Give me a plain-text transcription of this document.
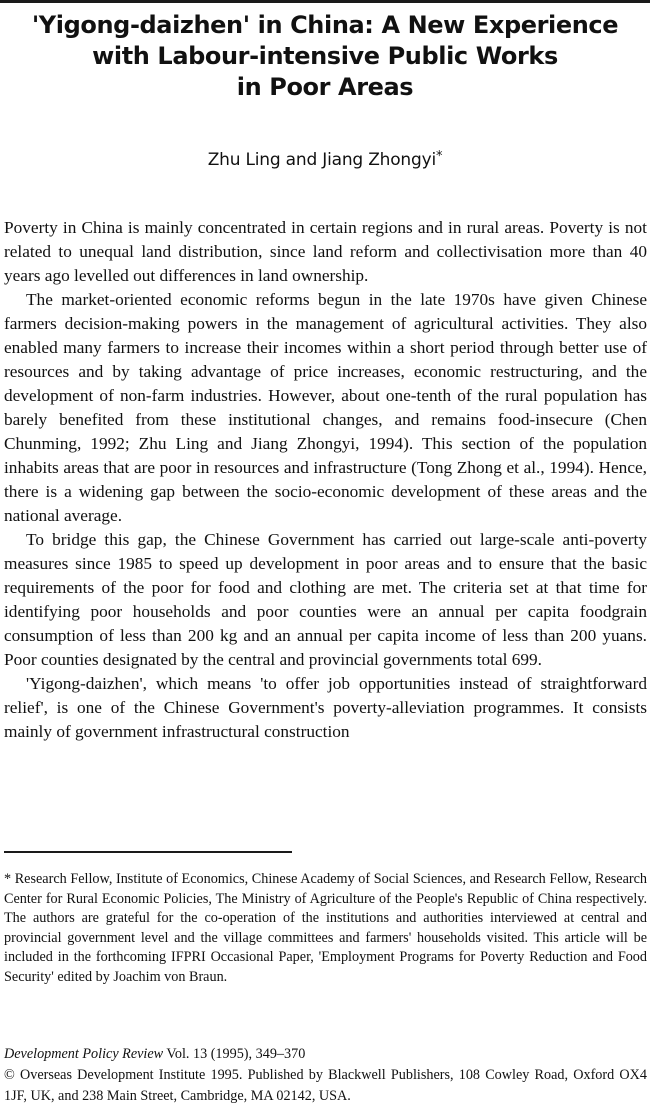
'Yigong-daizhen' in China: A New Experience
with Labour-intensive Public Works
in Poor Areas
Zhu Ling and Jiang Zhongyi*

Poverty in China is mainly concentrated in certain regions and in rural areas. Poverty is not related to unequal land distribution, since land reform and collectivisation more than 40 years ago levelled out differences in land ownership.

The market-oriented economic reforms begun in the late 1970s have given Chinese farmers decision-making powers in the management of agricultural activities. They also enabled many farmers to increase their incomes within a short period through better use of resources and by taking advantage of price increases, economic restructuring, and the development of non-farm industries. However, about one-tenth of the rural population has barely benefited from these institutional changes, and remains food-insecure (Chen Chunming, 1992; Zhu Ling and Jiang Zhongyi, 1994). This section of the population inhabits areas that are poor in resources and infrastructure (Tong Zhong et al., 1994). Hence, there is a widening gap between the socio-economic development of these areas and the national average.

To bridge this gap, the Chinese Government has carried out large-scale anti-poverty measures since 1985 to speed up development in poor areas and to ensure that the basic requirements of the poor for food and clothing are met. The criteria set at that time for identifying poor households and poor counties were an annual per capita foodgrain consumption of less than 200 kg and an annual per capita income of less than 200 yuans. Poor counties designated by the central and provincial governments total 699.

'Yigong-daizhen', which means 'to offer job opportunities instead of straightforward relief', is one of the Chinese Government's poverty-alleviation programmes. It consists mainly of government infrastructural construction

* Research Fellow, Institute of Economics, Chinese Academy of Social Sciences, and Research Fellow, Research Center for Rural Economic Policies, The Ministry of Agriculture of the People's Republic of China respectively. The authors are grateful for the co-operation of the institutions and authorities interviewed at central and provincial government level and the village committees and farmers' households visited. This article will be included in the forthcoming IFPRI Occasional Paper, 'Employment Programs for Poverty Reduction and Food Security' edited by Joachim von Braun.

Development Policy Review Vol. 13 (1995), 349–370
© Overseas Development Institute 1995. Published by Blackwell Publishers, 108 Cowley Road, Oxford OX4 1JF, UK, and 238 Main Street, Cambridge, MA 02142, USA.
